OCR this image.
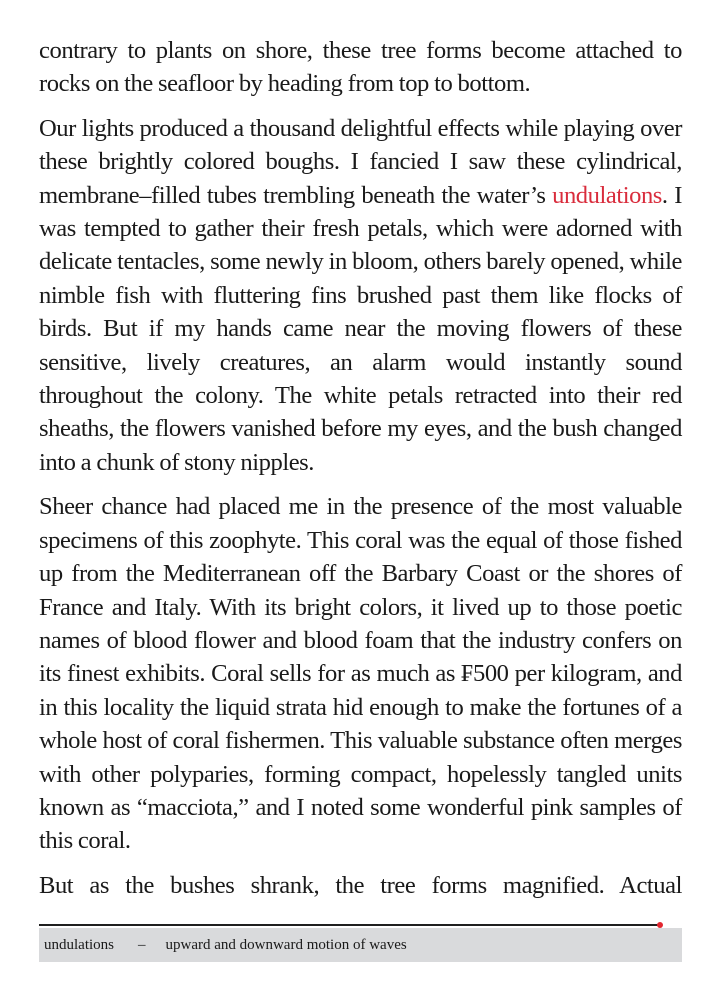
contrary to plants on shore, these tree forms become attached to rocks on the seafloor by heading from top to bottom.

Our lights produced a thousand delightful effects while playing over these brightly colored boughs. I fancied I saw these cylindrical, membrane–filled tubes trembling beneath the water’s undulations. I was tempted to gather their fresh petals, which were adorned with delicate tentacles, some newly in bloom, others barely opened, while nimble fish with fluttering fins brushed past them like flocks of birds. But if my hands came near the moving flowers of these sensitive, lively creatures, an alarm would instantly sound throughout the colony. The white petals retracted into their red sheaths, the flowers vanished before my eyes, and the bush changed into a chunk of stony nipples.

Sheer chance had placed me in the presence of the most valuable specimens of this zoophyte. This coral was the equal of those fished up from the Mediterranean off the Barbary Coast or the shores of France and Italy. With its bright colors, it lived up to those poetic names of blood flower and blood foam that the industry confers on its finest exhibits. Coral sells for as much as ₣500 per kilogram, and in this locality the liquid strata hid enough to make the fortunes of a whole host of coral fishermen. This valuable substance often merges with other polyparies, forming compact, hopelessly tangled units known as “macciota,” and I noted some wonderful pink samples of this coral.

But as the bushes shrank, the tree forms magnified. Actual

undulations – upward and downward motion of waves
